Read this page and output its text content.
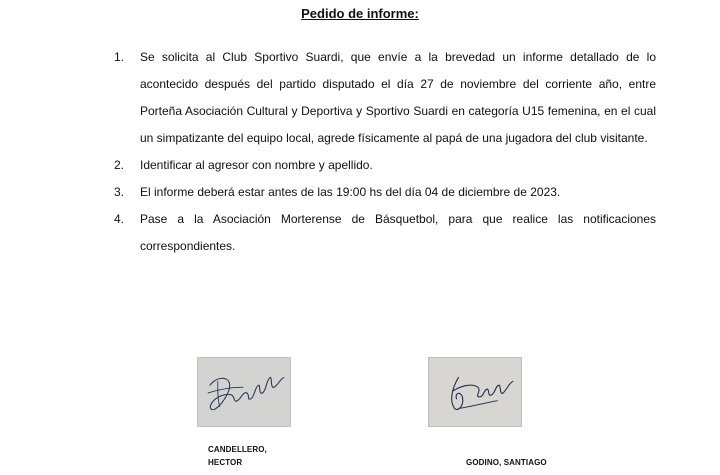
Pedido de informe:
1. Se solicita al Club Sportivo Suardi, que envíe a la brevedad un informe detallado de lo acontecido después del partido disputado el día 27 de noviembre del corriente año, entre Porteña Asociación Cultural y Deportiva y Sportivo Suardi en categoría U15 femenina, en el cual un simpatizante del equipo local, agrede físicamente al papá de una jugadora del club visitante.
2. Identificar al agresor con nombre y apellido.
3. El informe deberá estar antes de las 19:00 hs del día 04 de diciembre de 2023.
4. Pase a la Asociación Morterense de Básquetbol, para que realice las notificaciones correspondientes.
CANDELLERO,
HECTOR	GODINO, SANTIAGO
